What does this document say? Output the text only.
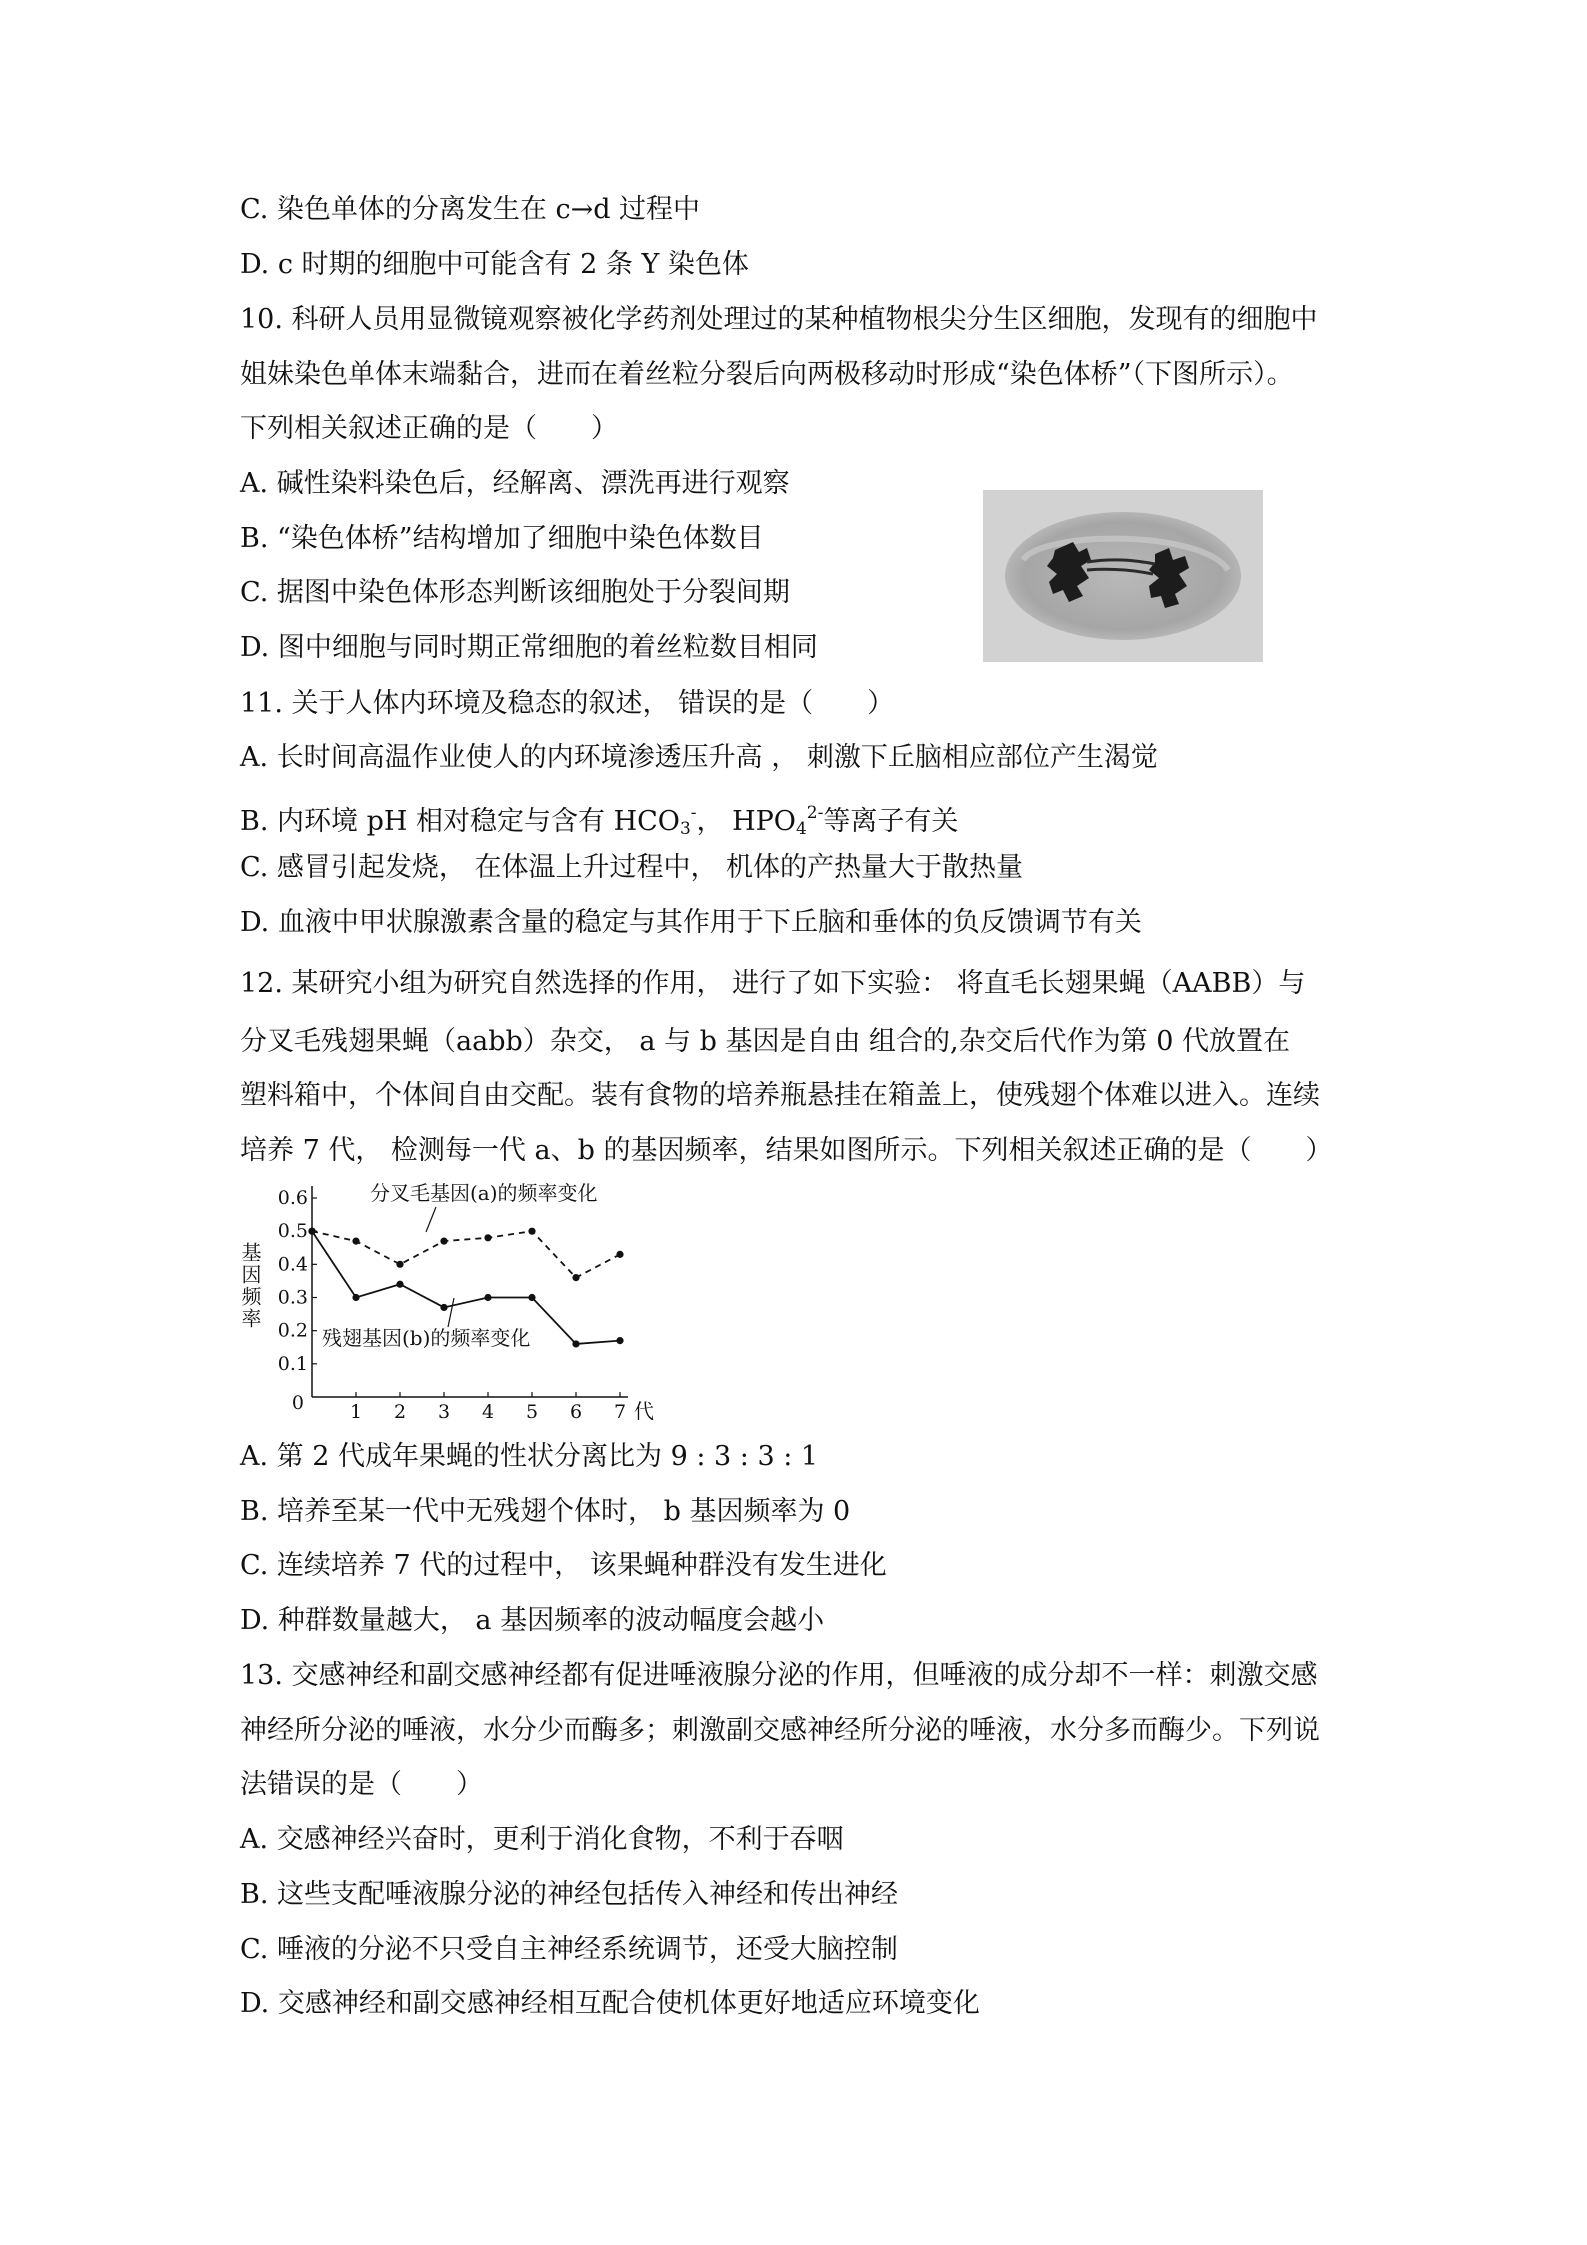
C. 染色单体的分离发生在 c→d 过程中
D. c 时期的细胞中可能含有 2 条 Y 染色体
10. 科研人员用显微镜观察被化学药剂处理过的某种植物根尖分生区细胞，发现有的细胞中
姐妹染色单体末端黏合，进而在着丝粒分裂后向两极移动时形成“染色体桥”（下图所示）。
下列相关叙述正确的是（　　）
A. 碱性染料染色后，经解离、漂洗再进行观察
B. “染色体桥”结构增加了细胞中染色体数目
C. 据图中染色体形态判断该细胞处于分裂间期
D. 图中细胞与同时期正常细胞的着丝粒数目相同
11. 关于人体内环境及稳态的叙述， 错误的是（　　）
A. 长时间高温作业使人的内环境渗透压升高 ， 刺激下丘脑相应部位产生渴觉
B. 内环境 pH 相对稳定与含有 $HCO_3^-$， $HPO_4^{2-}$等离子有关
C. 感冒引起发烧， 在体温上升过程中， 机体的产热量大于散热量
D. 血液中甲状腺激素含量的稳定与其作用于下丘脑和垂体的负反馈调节有关
12. 某研究小组为研究自然选择的作用， 进行了如下实验： 将直毛长翅果蝇（AABB）与
分叉毛残翅果蝇（aabb）杂交， a 与 b 基因是自由 组合的,杂交后代作为第 0 代放置在
塑料箱中，个体间自由交配。装有食物的培养瓶悬挂在箱盖上，使残翅个体难以进入。连续
培养 7 代， 检测每一代 a、b 的基因频率，结果如图所示。下列相关叙述正确的是（　　）
0.1
0.2
0.3
0.4
0.5
0.6
0 1 2 3 4 5 6 7 代
基因频率
分叉毛基因(a)的频率变化
残翅基因(b)的频率变化
A. 第 2 代成年果蝇的性状分离比为 9 : 3 : 3 : 1
B. 培养至某一代中无残翅个体时， b 基因频率为 0
C. 连续培养 7 代的过程中， 该果蝇种群没有发生进化
D. 种群数量越大， a 基因频率的波动幅度会越小
13. 交感神经和副交感神经都有促进唾液腺分泌的作用，但唾液的成分却不一样：刺激交感
神经所分泌的唾液，水分少而酶多；刺激副交感神经所分泌的唾液，水分多而酶少。下列说
法错误的是（　　）
A. 交感神经兴奋时，更利于消化食物，不利于吞咽
B. 这些支配唾液腺分泌的神经包括传入神经和传出神经
C. 唾液的分泌不只受自主神经系统调节，还受大脑控制
D. 交感神经和副交感神经相互配合使机体更好地适应环境变化
